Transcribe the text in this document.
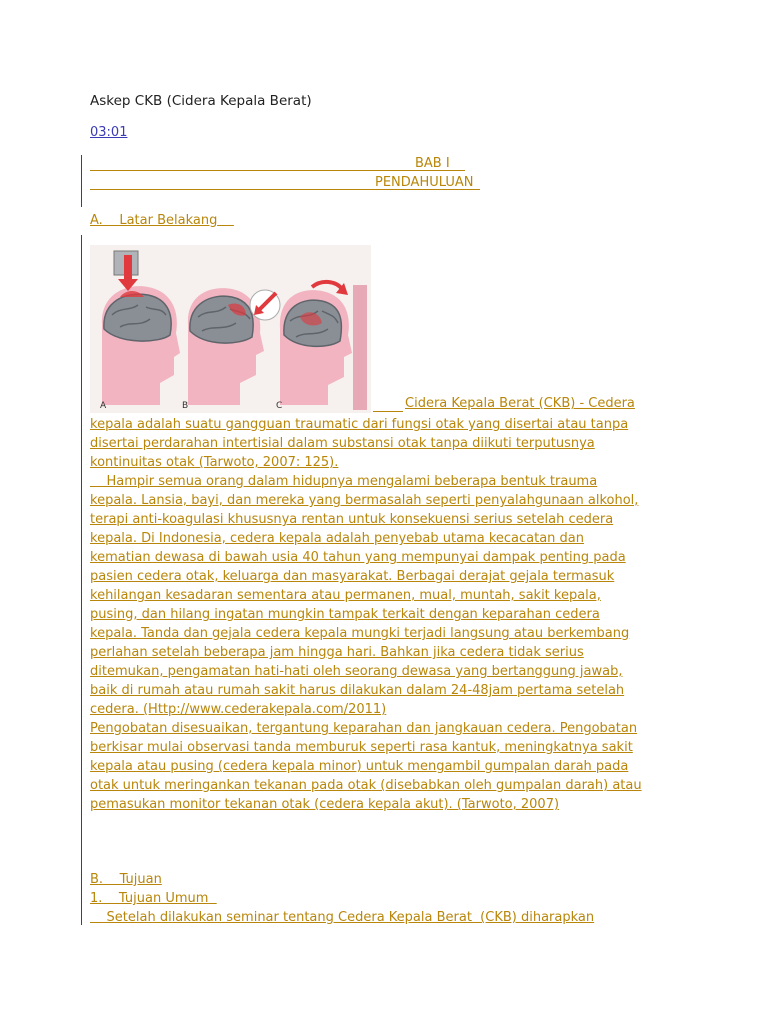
Askep CKB (Cidera Kepala Berat)
03:01
BAB I
PENDAHULUAN
A.    Latar Belakang
A	B	C	Cidera Kepala Berat (CKB) - Cedera
kepala adalah suatu gangguan traumatic dari fungsi otak yang disertai atau tanpa
disertai perdarahan intertisial dalam substansi otak tanpa diikuti terputusnya
kontinuitas otak (Tarwoto, 2007: 125).
Hampir semua orang dalam hidupnya mengalami beberapa bentuk trauma
kepala. Lansia, bayi, dan mereka yang bermasalah seperti penyalahgunaan alkohol,
terapi anti-koagulasi khususnya rentan untuk konsekuensi serius setelah cedera
kepala. Di Indonesia, cedera kepala adalah penyebab utama kecacatan dan
kematian dewasa di bawah usia 40 tahun yang mempunyai dampak penting pada
pasien cedera otak, keluarga dan masyarakat. Berbagai derajat gejala termasuk
kehilangan kesadaran sementara atau permanen, mual, muntah, sakit kepala,
pusing, dan hilang ingatan mungkin tampak terkait dengan keparahan cedera
kepala. Tanda dan gejala cedera kepala mungki terjadi langsung atau berkembang
perlahan setelah beberapa jam hingga hari. Bahkan jika cedera tidak serius
ditemukan, pengamatan hati-hati oleh seorang dewasa yang bertanggung jawab,
baik di rumah atau rumah sakit harus dilakukan dalam 24-48jam pertama setelah
cedera. (Http://www.cederakepala.com/2011)
Pengobatan disesuaikan, tergantung keparahan dan jangkauan cedera. Pengobatan
berkisar mulai observasi tanda memburuk seperti rasa kantuk, meningkatnya sakit
kepala atau pusing (cedera kepala minor) untuk mengambil gumpalan darah pada
otak untuk meringankan tekanan pada otak (disebabkan oleh gumpalan darah) atau
pemasukan monitor tekanan otak (cedera kepala akut). (Tarwoto, 2007)
B.    Tujuan
1.    Tujuan Umum
Setelah dilakukan seminar tentang Cedera Kepala Berat  (CKB) diharapkan
